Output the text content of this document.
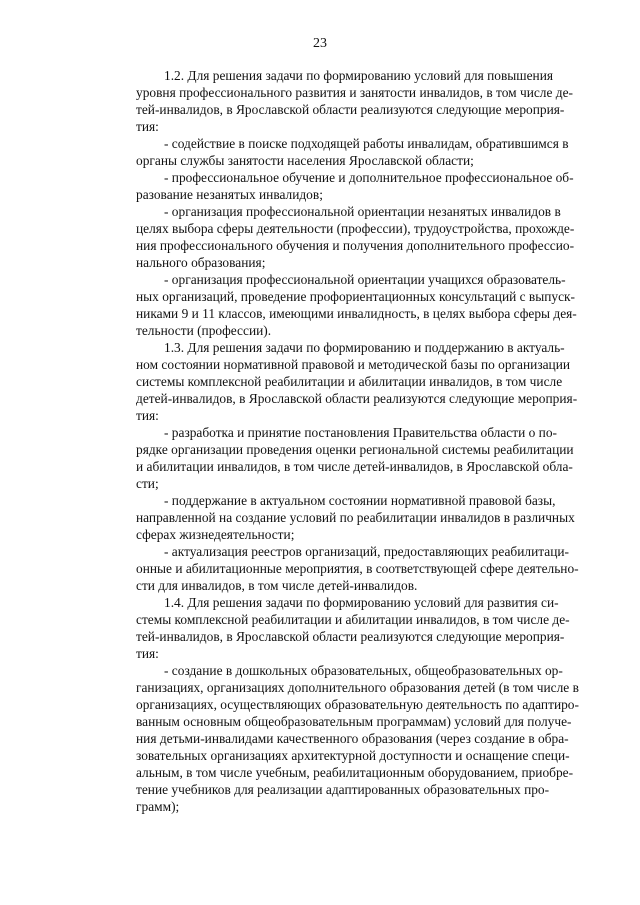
23
1.2. Для решения задачи по формированию условий для повышения
уровня профессионального развития и занятости инвалидов, в том числе де-
тей-инвалидов, в Ярославской области реализуются следующие мероприя-
тия:
- содействие в поиске подходящей работы инвалидам, обратившимся в
органы службы занятости населения Ярославской области;
- профессиональное обучение и дополнительное профессиональное об-
разование незанятых инвалидов;
- организация профессиональной ориентации незанятых инвалидов в
целях выбора сферы деятельности (профессии), трудоустройства, прохожде-
ния профессионального обучения и получения дополнительного профессио-
нального образования;
- организация профессиональной ориентации учащихся образователь-
ных организаций, проведение профориентационных консультаций с выпуск-
никами 9 и 11 классов, имеющими инвалидность, в целях выбора сферы дея-
тельности (профессии).
1.3. Для решения задачи по формированию и поддержанию в актуаль-
ном состоянии нормативной правовой и методической базы по организации
системы комплексной реабилитации и абилитации инвалидов, в том числе
детей-инвалидов, в Ярославской области реализуются следующие мероприя-
тия:
- разработка и принятие постановления Правительства области о по-
рядке организации проведения оценки региональной системы реабилитации
и абилитации инвалидов, в том числе детей-инвалидов, в Ярославской обла-
сти;
- поддержание в актуальном состоянии нормативной правовой базы,
направленной на создание условий по реабилитации инвалидов в различных
сферах жизнедеятельности;
- актуализация реестров организаций, предоставляющих реабилитаци-
онные и абилитационные мероприятия, в соответствующей сфере деятельно-
сти для инвалидов, в том числе детей-инвалидов.
1.4. Для решения задачи по формированию условий для развития си-
стемы комплексной реабилитации и абилитации инвалидов, в том числе де-
тей-инвалидов, в Ярославской области реализуются следующие мероприя-
тия:
- создание в дошкольных образовательных, общеобразовательных ор-
ганизациях, организациях дополнительного образования детей (в том числе в
организациях, осуществляющих образовательную деятельность по адаптиро-
ванным основным общеобразовательным программам) условий для получе-
ния детьми-инвалидами качественного образования (через создание в обра-
зовательных организациях архитектурной доступности и оснащение специ-
альным, в том числе учебным, реабилитационным оборудованием, приобре-
тение учебников для реализации адаптированных образовательных про-
грамм);
